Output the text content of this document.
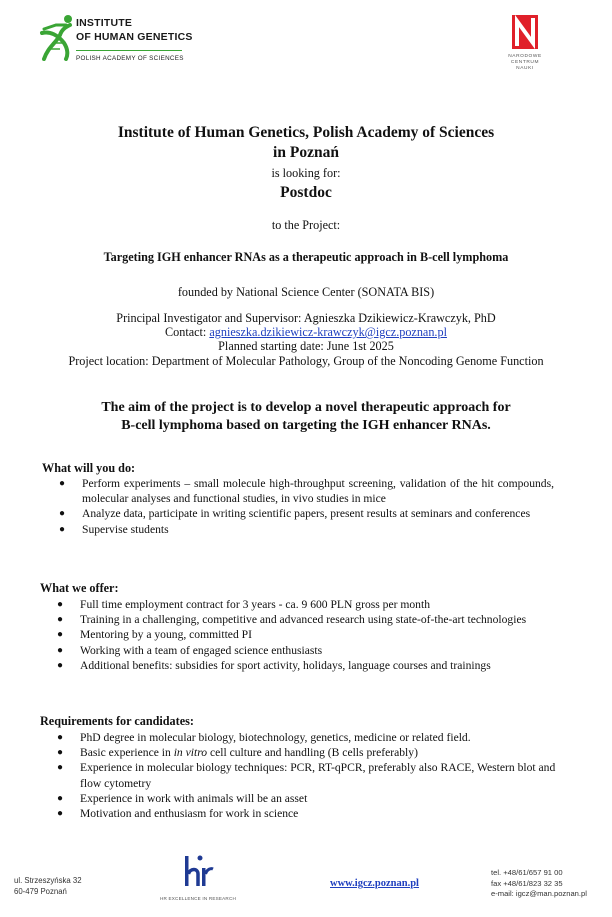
INSTITUTE
OF HUMAN GENETICS
POLISH ACADEMY OF SCIENCES	NARODOWE
CENTRUM
NAUKI
Institute of Human Genetics, Polish Academy of Sciences
in Poznań
is looking for:
Postdoc
to the Project:
Targeting IGH enhancer RNAs as a therapeutic approach in B-cell lymphoma
founded by National Science Center (SONATA BIS)
Principal Investigator and Supervisor: Agnieszka Dzikiewicz-Krawczyk, PhD
Contact: agnieszka.dzikiewicz-krawczyk@igcz.poznan.pl
Planned starting date: June 1st 2025
Project location: Department of Molecular Pathology, Group of the Noncoding Genome Function
The aim of the project is to develop a novel therapeutic approach for
B-cell lymphoma based on targeting the IGH enhancer RNAs.
What will you do:
● Perform experiments – small molecule high-throughput screening, validation of the hit compounds, molecular analyses and functional studies, in vivo studies in mice
● Analyze data, participate in writing scientific papers, present results at seminars and conferences
● Supervise students
What we offer:
● Full time employment contract for 3 years - ca. 9 600 PLN gross per month
● Training in a challenging, competitive and advanced research using state-of-the-art technologies
● Mentoring by a young, committed PI
● Working with a team of engaged science enthusiasts
● Additional benefits: subsidies for sport activity, holidays, language courses and trainings
Requirements for candidates:
● PhD degree in molecular biology, biotechnology, genetics, medicine or related field.
● Basic experience in in vitro cell culture and handling (B cells preferably)
● Experience in molecular biology techniques: PCR, RT-qPCR, preferably also RACE, Western blot and flow cytometry
● Experience in work with animals will be an asset
● Motivation and enthusiasm for work in science
ul. Strzeszyńska 32
60-479 Poznań
HR EXCELLENCE IN RESEARCH
www.igcz.poznan.pl
tel. +48/61/657 91 00
fax +48/61/823 32 35
e-mail: igcz@man.poznan.pl
